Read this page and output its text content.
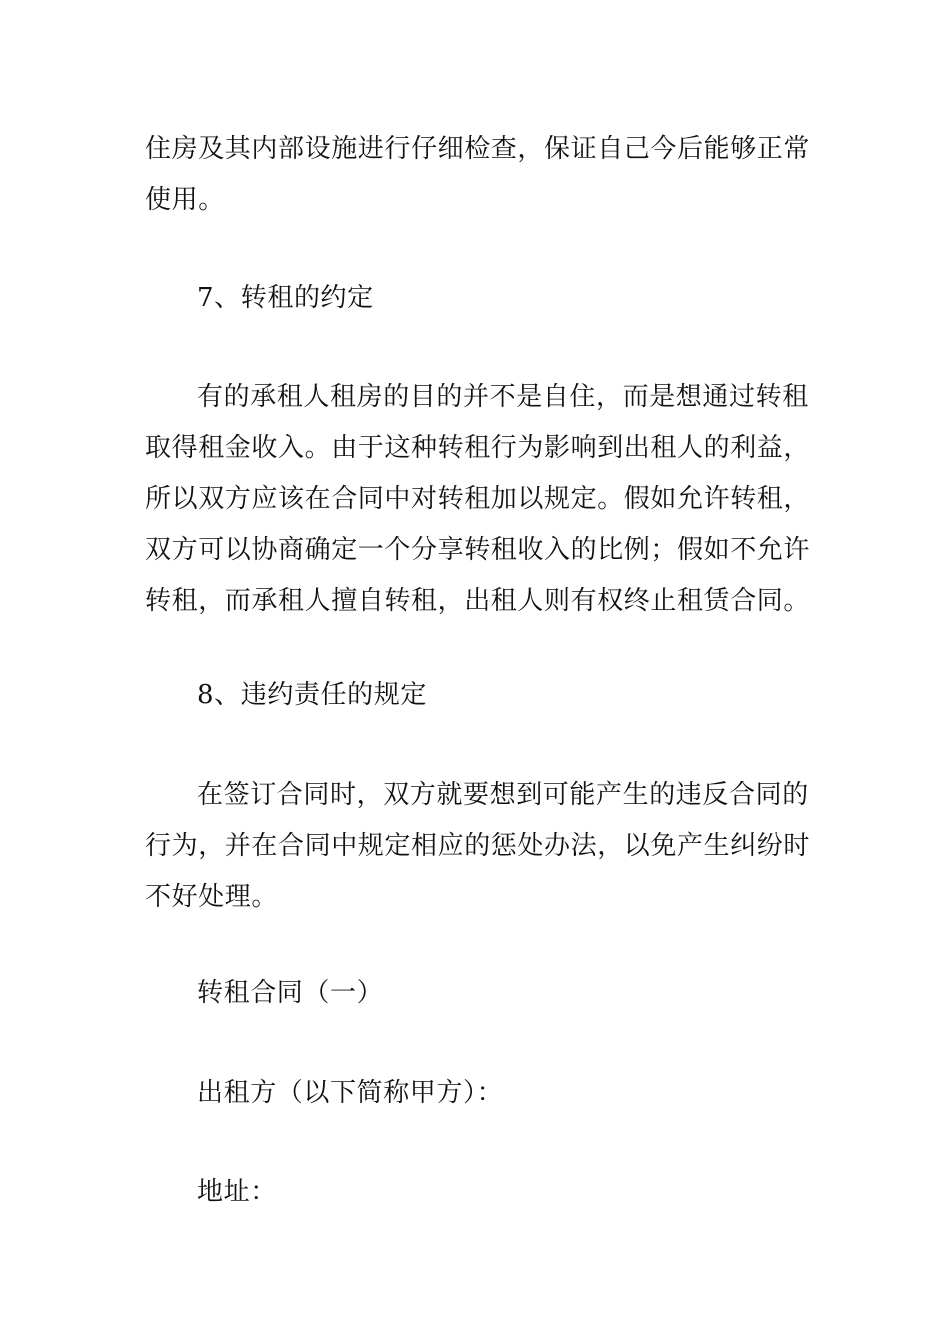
住房及其内部设施进行仔细检查，保证自己今后能够正常使用。

7、转租的约定

有的承租人租房的目的并不是自住，而是想通过转租取得租金收入。由于这种转租行为影响到出租人的利益，所以双方应该在合同中对转租加以规定。假如允许转租，双方可以协商确定一个分享转租收入的比例；假如不允许转租，而承租人擅自转租，出租人则有权终止租赁合同。

8、违约责任的规定

在签订合同时，双方就要想到可能产生的违反合同的行为，并在合同中规定相应的惩处办法，以免产生纠纷时不好处理。

转租合同（一）

出租方（以下简称甲方）：

地址：
